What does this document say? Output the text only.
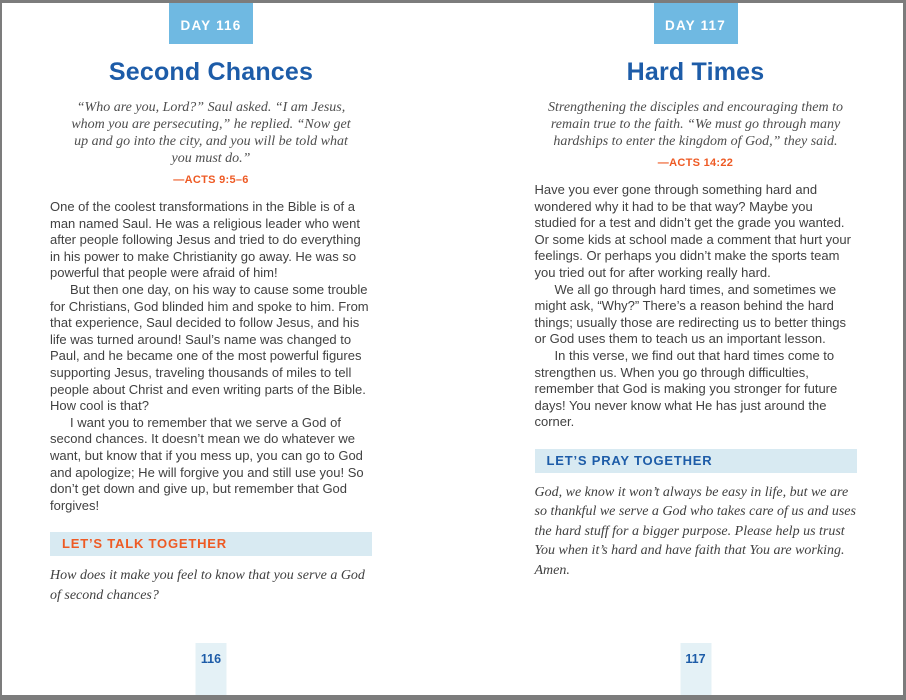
DAY 116
Second Chances

“Who are you, Lord?” Saul asked. “I am Jesus, whom you are persecuting,” he replied. “Now get up and go into the city, and you will be told what you must do.”

—ACTS 9:5–6

One of the coolest transformations in the Bible is of a man named Saul. He was a religious leader who went after people following Jesus and tried to do everything in his power to make Christianity go away. He was so powerful that people were afraid of him!

But then one day, on his way to cause some trouble for Christians, God blinded him and spoke to him. From that experience, Saul decided to follow Jesus, and his life was turned around! Saul’s name was changed to Paul, and he became one of the most powerful figures supporting Jesus, traveling thousands of miles to tell people about Christ and even writing parts of the Bible. How cool is that?

I want you to remember that we serve a God of second chances. It doesn’t mean we do whatever we want, but know that if you mess up, you can go to God and apologize; He will forgive you and still use you! So don’t get down and give up, but remember that God forgives!

LET’S TALK TOGETHER

How does it make you feel to know that you serve a God of second chances?

116
DAY 117
Hard Times

Strengthening the disciples and encouraging them to remain true to the faith. “We must go through many hardships to enter the kingdom of God,” they said.

—ACTS 14:22

Have you ever gone through something hard and wondered why it had to be that way? Maybe you studied for a test and didn’t get the grade you wanted. Or some kids at school made a comment that hurt your feelings. Or perhaps you didn’t make the sports team you tried out for after working really hard.

We all go through hard times, and sometimes we might ask, “Why?” There’s a reason behind the hard things; usually those are redirecting us to better things or God uses them to teach us an important lesson.

In this verse, we find out that hard times come to strengthen us. When you go through difficulties, remember that God is making you stronger for future days! You never know what He has just around the corner.

LET’S PRAY TOGETHER

God, we know it won’t always be easy in life, but we are so thankful we serve a God who takes care of us and uses the hard stuff for a bigger purpose. Please help us trust You when it’s hard and have faith that You are working. Amen.

117
